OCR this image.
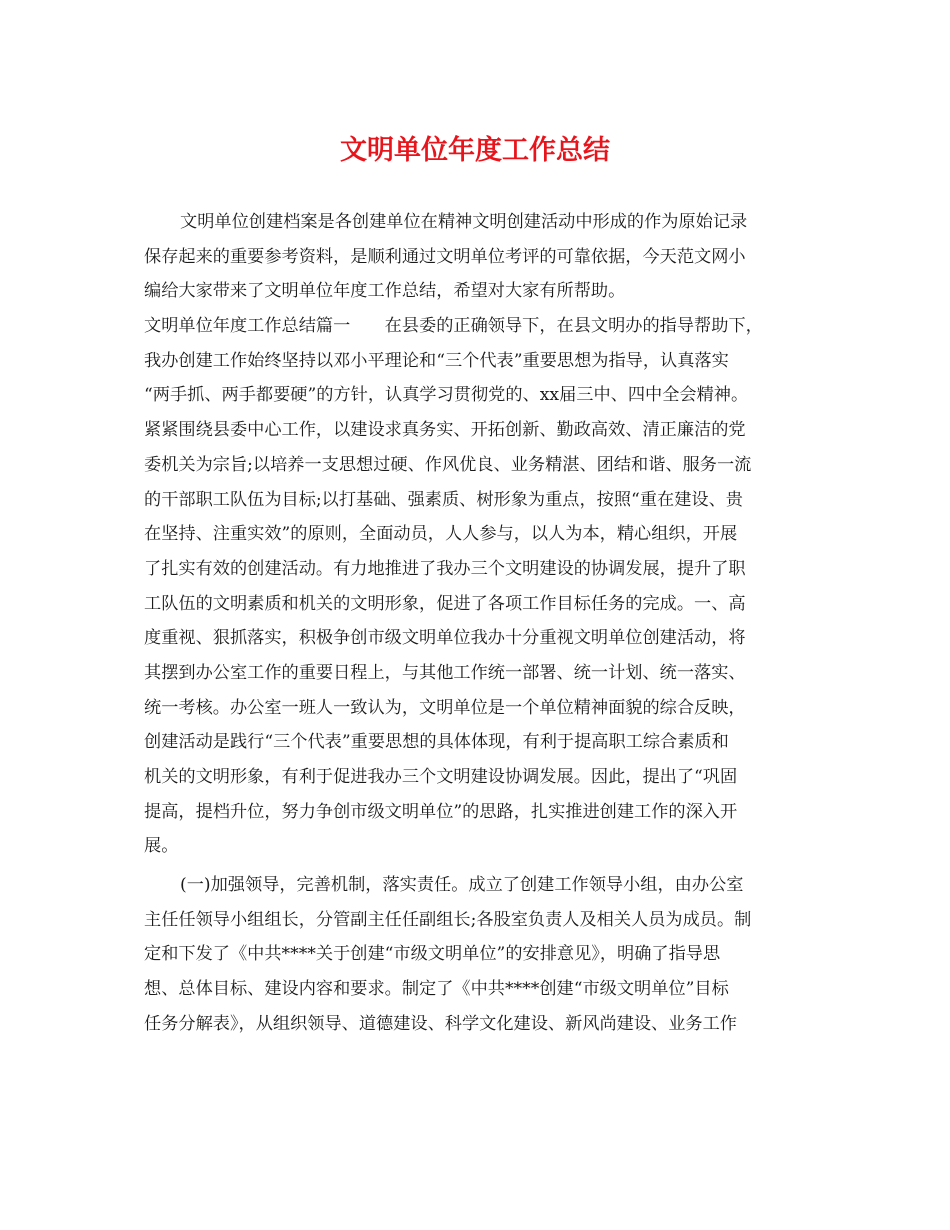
文明单位年度工作总结
文明单位创建档案是各创建单位在精神文明创建活动中形成的作为原始记录
保存起来的重要参考资料，是顺利通过文明单位考评的可靠依据，今天范文网小
编给大家带来了文明单位年度工作总结，希望对大家有所帮助。
文明单位年度工作总结篇一　　在县委的正确领导下，在县文明办的指导帮助下，
我办创建工作始终坚持以邓小平理论和“三个代表”重要思想为指导，认真落实
“两手抓、两手都要硬”的方针，认真学习贯彻党的、xx届三中、四中全会精神。
紧紧围绕县委中心工作，以建设求真务实、开拓创新、勤政高效、清正廉洁的党
委机关为宗旨;以培养一支思想过硬、作风优良、业务精湛、团结和谐、服务一流
的干部职工队伍为目标;以打基础、强素质、树形象为重点，按照“重在建设、贵
在坚持、注重实效”的原则，全面动员，人人参与，以人为本，精心组织，开展
了扎实有效的创建活动。有力地推进了我办三个文明建设的协调发展，提升了职
工队伍的文明素质和机关的文明形象，促进了各项工作目标任务的完成。一、高
度重视、狠抓落实，积极争创市级文明单位我办十分重视文明单位创建活动，将
其摆到办公室工作的重要日程上，与其他工作统一部署、统一计划、统一落实、
统一考核。办公室一班人一致认为，文明单位是一个单位精神面貌的综合反映，
创建活动是践行“三个代表”重要思想的具体体现，有利于提高职工综合素质和
机关的文明形象，有利于促进我办三个文明建设协调发展。因此，提出了“巩固
提高，提档升位，努力争创市级文明单位”的思路，扎实推进创建工作的深入开
展。
(一)加强领导，完善机制，落实责任。成立了创建工作领导小组，由办公室
主任任领导小组组长，分管副主任任副组长;各股室负责人及相关人员为成员。制
定和下发了《中共****关于创建“市级文明单位”的安排意见》，明确了指导思
想、总体目标、建设内容和要求。制定了《中共****创建“市级文明单位”目标
任务分解表》，从组织领导、道德建设、科学文化建设、新风尚建设、业务工作
